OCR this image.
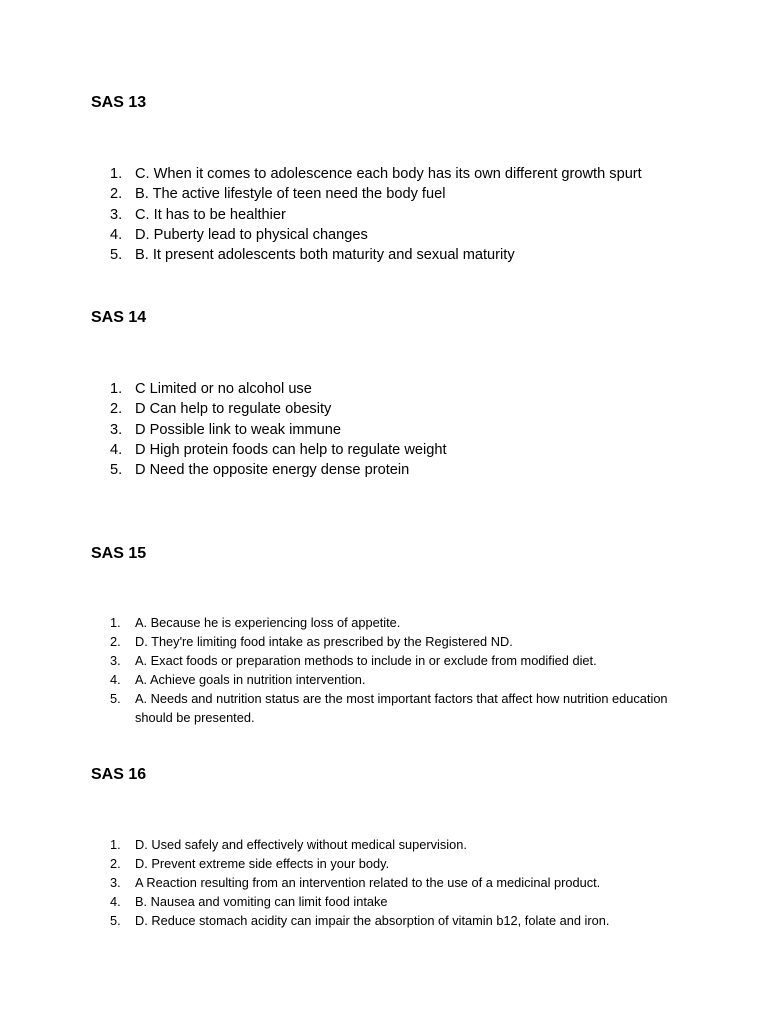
SAS 13
1. C. When it comes to adolescence each body has its own different growth spurt
2. B. The active lifestyle of teen need the body fuel
3. C. It has to be healthier
4. D. Puberty lead to physical changes
5. B. It present adolescents both maturity and sexual maturity
SAS 14
1. C Limited or no alcohol use
2. D Can help to regulate obesity
3. D Possible link to weak immune
4. D High protein foods can help to regulate weight
5. D Need the opposite energy dense protein
SAS 15
1.	A. Because he is experiencing loss of appetite.
2.	D. They're limiting food intake as prescribed by the Registered ND.
3.	A. Exact foods or preparation methods to include in or exclude from modified diet.
4.	A. Achieve goals in nutrition intervention.
5.	A. Needs and nutrition status are the most important factors that affect how nutrition education should be presented.
SAS 16
1.	D. Used safely and effectively without medical supervision.
2.	D. Prevent extreme side effects in your body.
3.	A Reaction resulting from an intervention related to the use of a medicinal product.
4.	B. Nausea and vomiting can limit food intake
5.	D. Reduce stomach acidity can impair the absorption of vitamin b12, folate and iron.
